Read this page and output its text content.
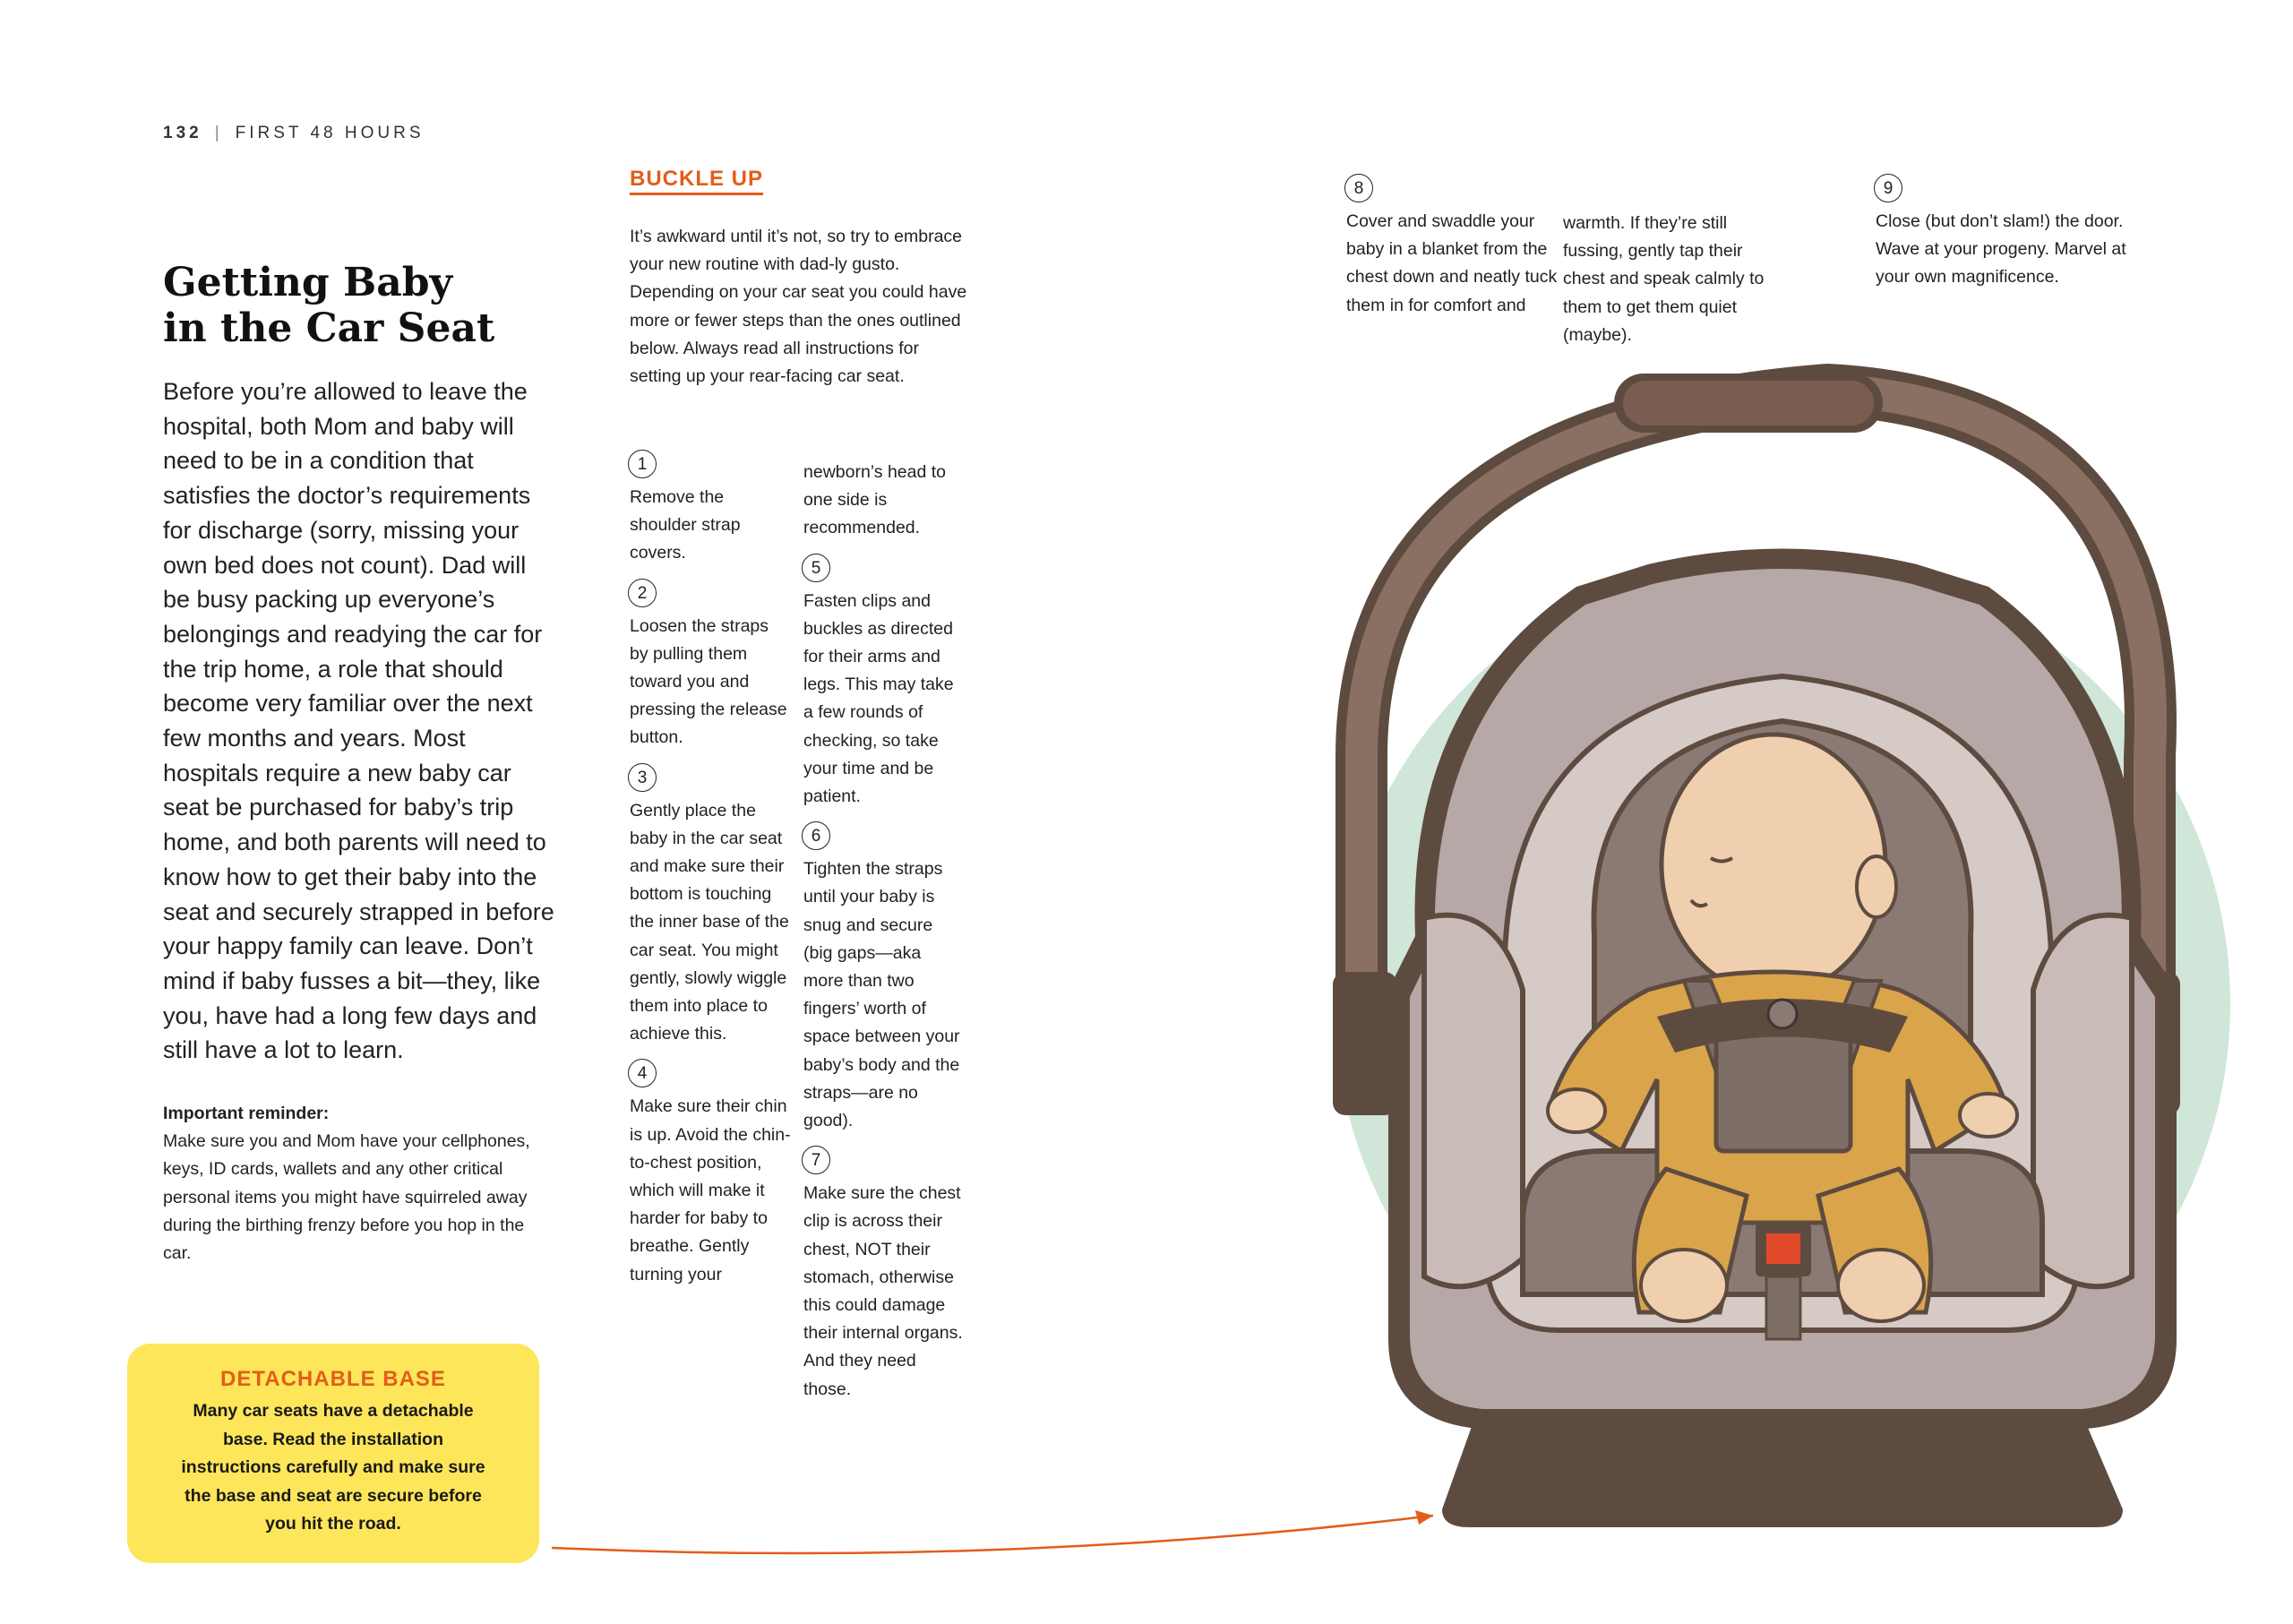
132 | FIRST 48 HOURS
Getting Baby
in the Car Seat
Before you’re allowed to leave the hospital, both Mom and baby will need to be in a condition that satisfies the doctor’s requirements for discharge (sorry, missing your own bed does not count). Dad will be busy packing up everyone’s belongings and readying the car for the trip home, a role that should become very familiar over the next few months and years. Most hospitals require a new baby car seat be purchased for baby’s trip home, and both parents will need to know how to get their baby into the seat and securely strapped in before your happy family can leave. Don’t mind if baby fusses a bit—they, like you, have had a long few days and still have a lot to learn.
Important reminder:
Make sure you and Mom have your cellphones, keys, ID cards, wallets and any other critical personal items you might have squirreled away during the birthing frenzy before you hop in the car.
DETACHABLE BASE
Many car seats have a detachable base. Read the installation instructions carefully and make sure the base and seat are secure before you hit the road.
BUCKLE UP
It’s awkward until it’s not, so try to embrace your new routine with dad-ly gusto. Depending on your car seat you could have more or fewer steps than the ones outlined below. Always read all instructions for setting up your rear-facing car seat.
1

Remove the shoulder strap covers.

2

Loosen the straps by pulling them toward you and pressing the release button.

3

Gently place the baby in the car seat and make sure their bottom is touching the inner base of the car seat. You might gently, slowly wiggle them into place to achieve this.

4

Make sure their chin is up. Avoid the chin-to-chest position, which will make it harder for baby to breathe. Gently turning your

newborn’s head to one side is recommended.

5

Fasten clips and buckles as directed for their arms and legs. This may take a few rounds of checking, so take your time and be patient.

6

Tighten the straps until your baby is snug and secure (big gaps—aka more than two fingers’ worth of space between your baby’s body and the straps—are no good).

7

Make sure the chest clip is across their chest, NOT their stomach, otherwise this could damage their internal organs. And they need those.

8
Cover and swaddle your baby in a blanket from the chest down and neatly tuck them in for comfort and
warmth. If they’re still fussing, gently tap their chest and speak calmly to them to get them quiet (maybe).
9
Close (but don’t slam!) the door. Wave at your progeny. Marvel at your own magnificence.
